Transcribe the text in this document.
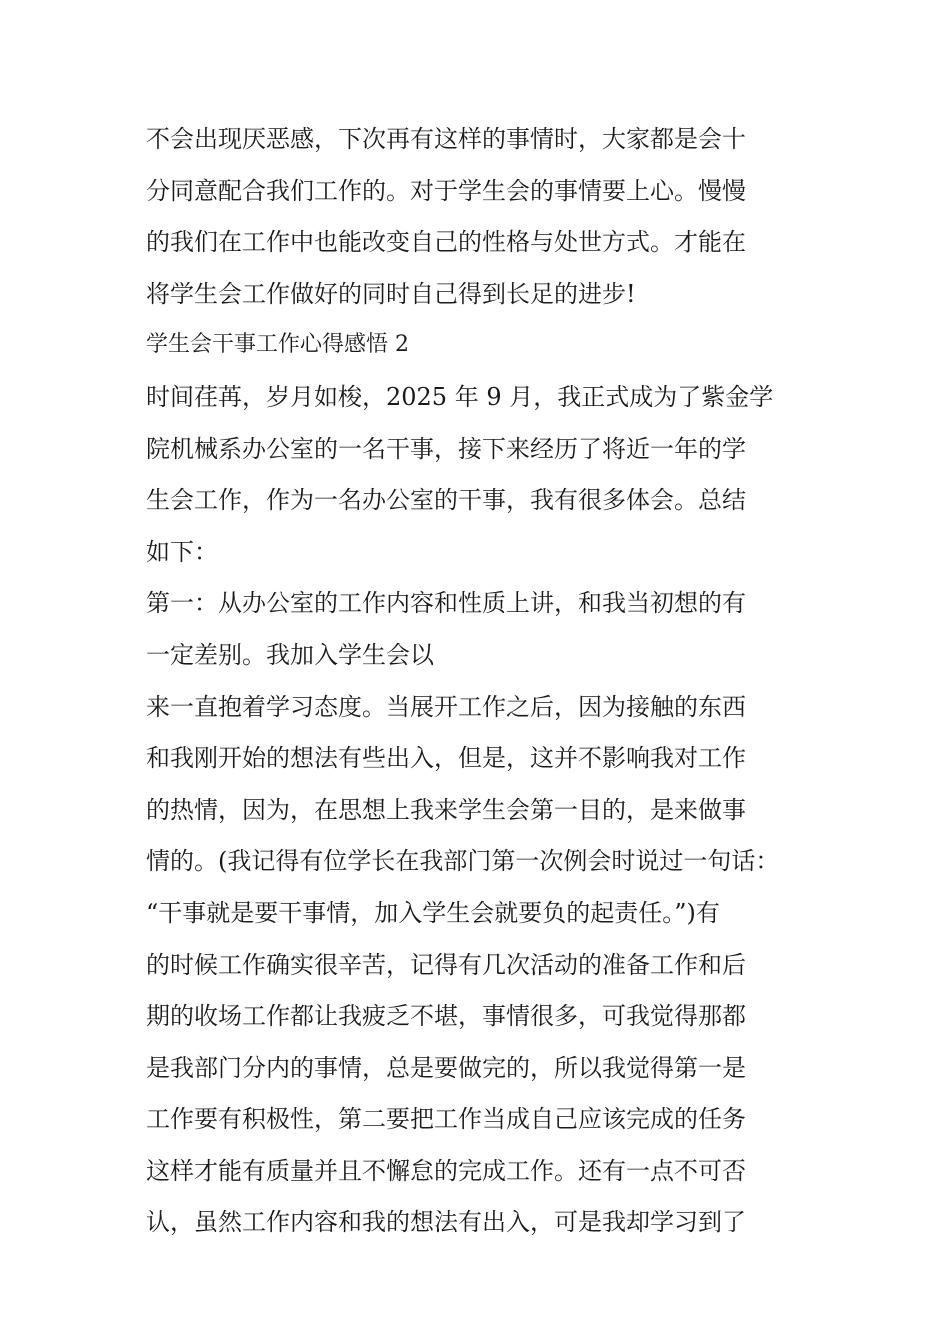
不会出现厌恶感，下次再有这样的事情时，大家都是会十
分同意配合我们工作的。对于学生会的事情要上心。慢慢
的我们在工作中也能改变自己的性格与处世方式。才能在
将学生会工作做好的同时自己得到长足的进步!
学生会干事工作心得感悟 2
时间荏苒，岁月如梭，2025 年 9 月，我正式成为了紫金学
院机械系办公室的一名干事，接下来经历了将近一年的学
生会工作，作为一名办公室的干事，我有很多体会。总结
如下：
第一：从办公室的工作内容和性质上讲，和我当初想的有
一定差别。我加入学生会以
来一直抱着学习态度。当展开工作之后，因为接触的东西
和我刚开始的想法有些出入，但是，这并不影响我对工作
的热情，因为，在思想上我来学生会第一目的，是来做事
情的。(我记得有位学长在我部门第一次例会时说过一句话：
“干事就是要干事情，加入学生会就要负的起责任。”)有
的时候工作确实很辛苦，记得有几次活动的准备工作和后
期的收场工作都让我疲乏不堪，事情很多，可我觉得那都
是我部门分内的事情，总是要做完的，所以我觉得第一是
工作要有积极性，第二要把工作当成自己应该完成的任务
这样才能有质量并且不懈怠的完成工作。还有一点不可否
认，虽然工作内容和我的想法有出入，可是我却学习到了
